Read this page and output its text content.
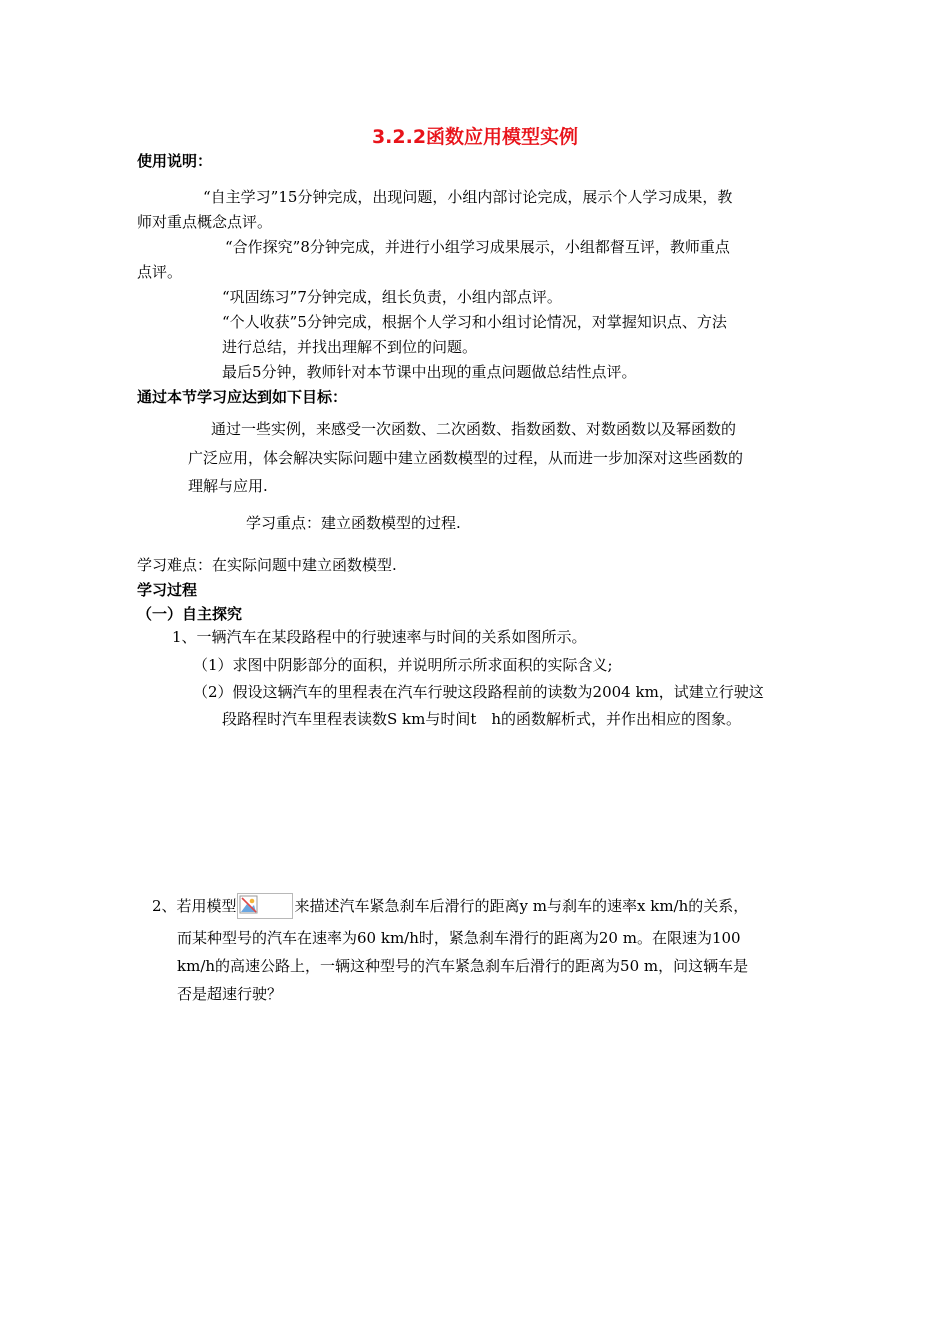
3.2.2函数应用模型实例
使用说明：
“自主学习”15分钟完成，出现问题，小组内部讨论完成，展示个人学习成果，教
师对重点概念点评。
“合作探究”8分钟完成，并进行小组学习成果展示，小组都督互评，教师重点
点评。
“巩固练习”7分钟完成，组长负责，小组内部点评。
“个人收获”5分钟完成，根据个人学习和小组讨论情况，对掌握知识点、方法
进行总结，并找出理解不到位的问题。
最后5分钟，教师针对本节课中出现的重点问题做总结性点评。
通过本节学习应达到如下目标：
通过一些实例，来感受一次函数、二次函数、指数函数、对数函数以及幂函数的
广泛应用，体会解决实际问题中建立函数模型的过程，从而进一步加深对这些函数的
理解与应用.
学习重点：建立函数模型的过程.
学习难点：在实际问题中建立函数模型.
学习过程
（一）自主探究
1、一辆汽车在某段路程中的行驶速率与时间的关系如图所示。
（1）求图中阴影部分的面积，并说明所示所求面积的实际含义;
（2）假设这辆汽车的里程表在汽车行驶这段路程前的读数为2004 km，试建立行驶这
段路程时汽车里程表读数S km与时间t　h的函数解析式，并作出相应的图象。
2、若用模型	来描述汽车紧急刹车后滑行的距离y m与刹车的速率x km/h的关系，
而某种型号的汽车在速率为60 km/h时，紧急刹车滑行的距离为20 m。在限速为100
km/h的高速公路上，一辆这种型号的汽车紧急刹车后滑行的距离为50 m，问这辆车是
否是超速行驶？
